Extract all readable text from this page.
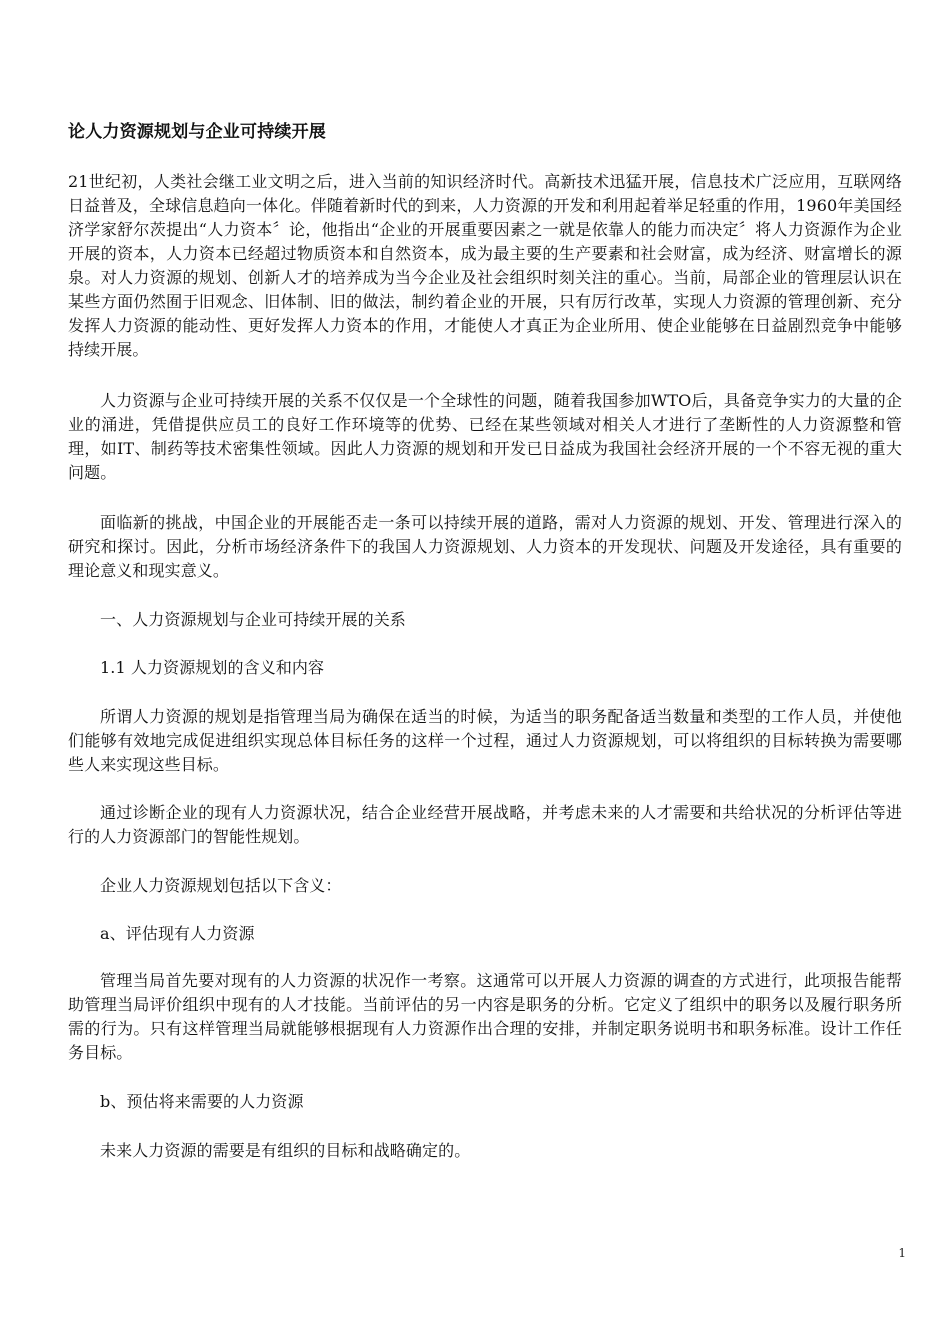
论人力资源规划与企业可持续开展
21世纪初，人类社会继工业文明之后，进入当前的知识经济时代。高新技术迅猛开展，信息技术广泛应用，互联网络日益普及，全球信息趋向一体化。伴随着新时代的到来，人力资源的开发和利用起着举足轻重的作用，1960年美国经济学家舒尔茨提出“人力资本〞论，他指出“企业的开展重要因素之一就是依靠人的能力而决定〞将人力资源作为企业开展的资本，人力资本已经超过物质资本和自然资本，成为最主要的生产要素和社会财富，成为经济、财富增长的源泉。对人力资源的规划、创新人才的培养成为当今企业及社会组织时刻关注的重心。当前，局部企业的管理层认识在某些方面仍然囿于旧观念、旧体制、旧的做法，制约着企业的开展，只有厉行改革，实现人力资源的管理创新、充分发挥人力资源的能动性、更好发挥人力资本的作用，才能使人才真正为企业所用、使企业能够在日益剧烈竞争中能够持续开展。
人力资源与企业可持续开展的关系不仅仅是一个全球性的问题，随着我国参加WTO后，具备竞争实力的大量的企业的涌进，凭借提供应员工的良好工作环境等的优势、已经在某些领域对相关人才进行了垄断性的人力资源整和管理，如IT、制药等技术密集性领域。因此人力资源的规划和开发已日益成为我国社会经济开展的一个不容无视的重大问题。
面临新的挑战，中国企业的开展能否走一条可以持续开展的道路，需对人力资源的规划、开发、管理进行深入的研究和探讨。因此，分析市场经济条件下的我国人力资源规划、人力资本的开发现状、问题及开发途径，具有重要的理论意义和现实意义。
一、人力资源规划与企业可持续开展的关系
1.1 人力资源规划的含义和内容
所谓人力资源的规划是指管理当局为确保在适当的时候，为适当的职务配备适当数量和类型的工作人员，并使他们能够有效地完成促进组织实现总体目标任务的这样一个过程，通过人力资源规划，可以将组织的目标转换为需要哪些人来实现这些目标。
通过诊断企业的现有人力资源状况，结合企业经营开展战略，并考虑未来的人才需要和共给状况的分析评估等进行的人力资源部门的智能性规划。
企业人力资源规划包括以下含义：
a、评估现有人力资源
管理当局首先要对现有的人力资源的状况作一考察。这通常可以开展人力资源的调查的方式进行，此项报告能帮助管理当局评价组织中现有的人才技能。当前评估的另一内容是职务的分析。它定义了组织中的职务以及履行职务所需的行为。只有这样管理当局就能够根据现有人力资源作出合理的安排，并制定职务说明书和职务标准。设计工作任务目标。
b、预估将来需要的人力资源
未来人力资源的需要是有组织的目标和战略确定的。
1
